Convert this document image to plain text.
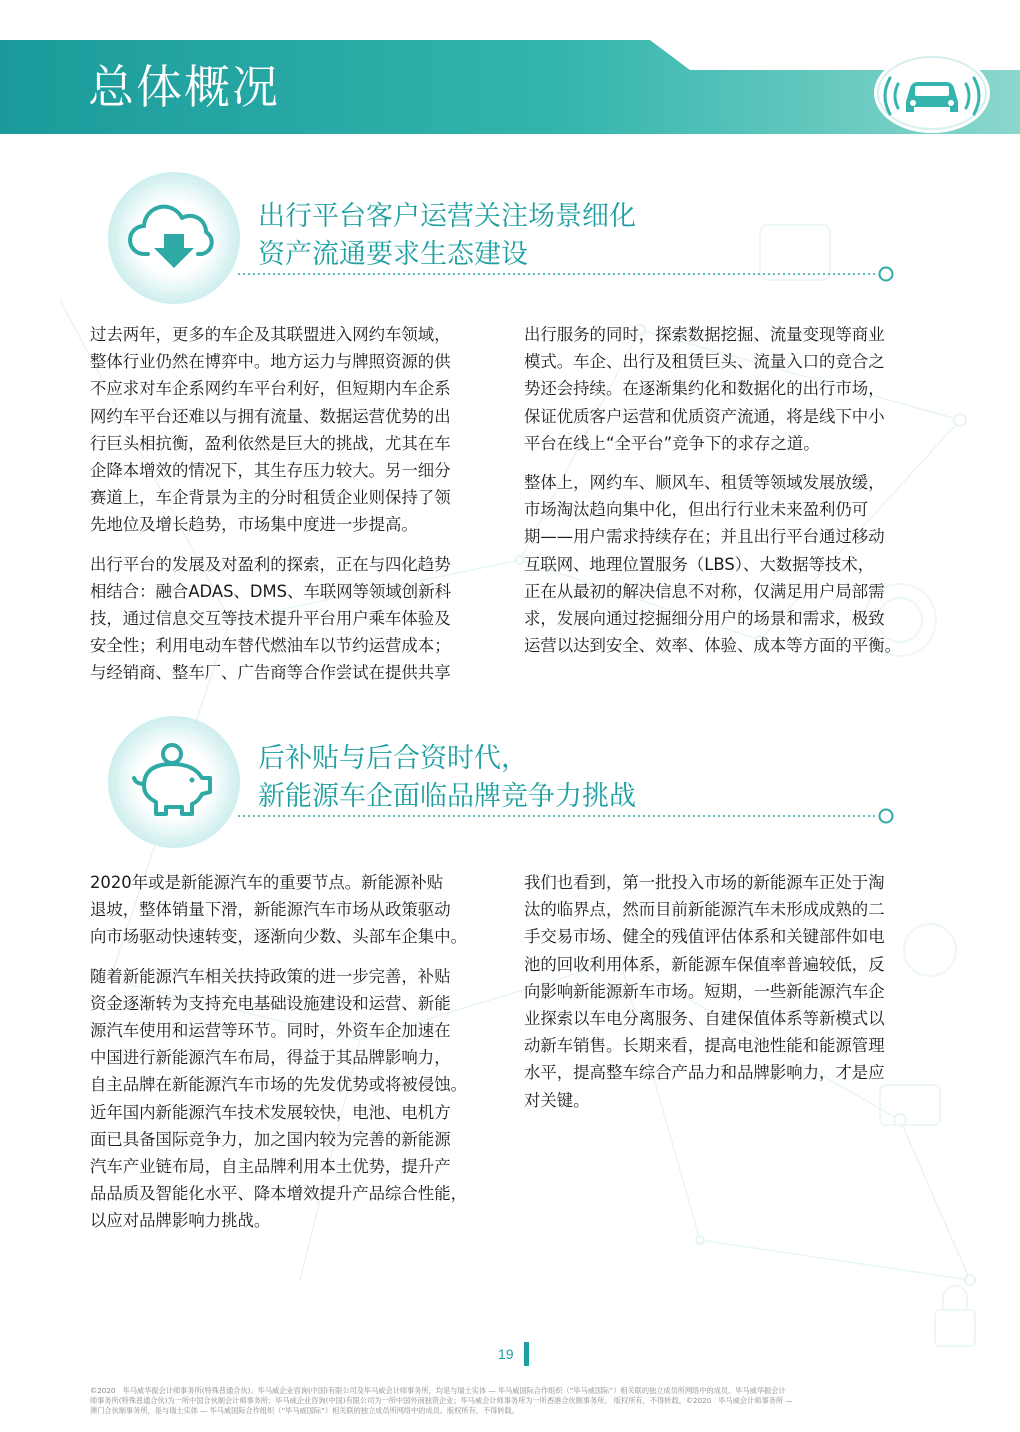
总体概况
出行平台客户运营关注场景细化
资产流通要求生态建设

过去两年，更多的车企及其联盟进入网约车领域，
整体行业仍然在博弈中。地方运力与牌照资源的供
不应求对车企系网约车平台利好，但短期内车企系
网约车平台还难以与拥有流量、数据运营优势的出
行巨头相抗衡，盈利依然是巨大的挑战，尤其在车
企降本增效的情况下，其生存压力较大。另一细分
赛道上，车企背景为主的分时租赁企业则保持了领
先地位及增长趋势，市场集中度进一步提高。

出行平台的发展及对盈利的探索，正在与四化趋势
相结合：融合ADAS、DMS、车联网等领域创新科
技，通过信息交互等技术提升平台用户乘车体验及
安全性；利用电动车替代燃油车以节约运营成本；
与经销商、整车厂、广告商等合作尝试在提供共享

出行服务的同时，探索数据挖掘、流量变现等商业
模式。车企、出行及租赁巨头、流量入口的竞合之
势还会持续。在逐渐集约化和数据化的出行市场，
保证优质客户运营和优质资产流通，将是线下中小
平台在线上“全平台”竞争下的求存之道。

整体上，网约车、顺风车、租赁等领域发展放缓，
市场淘汰趋向集中化，但出行行业未来盈利仍可
期——用户需求持续存在；并且出行平台通过移动
互联网、地理位置服务（LBS）、大数据等技术，
正在从最初的解决信息不对称，仅满足用户局部需
求，发展向通过挖掘细分用户的场景和需求，极致
运营以达到安全、效率、体验、成本等方面的平衡。

后补贴与后合资时代，
新能源车企面临品牌竞争力挑战

2020年或是新能源汽车的重要节点。新能源补贴
退坡，整体销量下滑，新能源汽车市场从政策驱动
向市场驱动快速转变，逐渐向少数、头部车企集中。

随着新能源汽车相关扶持政策的进一步完善，补贴
资金逐渐转为支持充电基础设施建设和运营、新能
源汽车使用和运营等环节。同时，外资车企加速在
中国进行新能源汽车布局，得益于其品牌影响力，
自主品牌在新能源汽车市场的先发优势或将被侵蚀。
近年国内新能源汽车技术发展较快，电池、电机方
面已具备国际竞争力，加之国内较为完善的新能源
汽车产业链布局，自主品牌利用本土优势，提升产
品品质及智能化水平、降本增效提升产品综合性能，
以应对品牌影响力挑战。

我们也看到，第一批投入市场的新能源车正处于淘
汰的临界点，然而目前新能源汽车未形成成熟的二
手交易市场、健全的残值评估体系和关键部件如电
池的回收利用体系，新能源车保值率普遍较低，反
向影响新能源新车市场。短期，一些新能源汽车企
业探索以车电分离服务、自建保值体系等新模式以
动新车销售。长期来看，提高电池性能和能源管理
水平，提高整车综合产品力和品牌影响力，才是应
对关键。

19
©2020　毕马威华振会计师事务所(特殊普通合伙)、毕马威企业咨询(中国)有限公司及毕马威会计师事务所，均是与瑞士实体 — 毕马威国际合作组织（“毕马威国际”）相关联的独立成员所网络中的成员。毕马威华振会计
师事务所(特殊普通合伙)为一所中国合伙制会计师事务所；毕马威企业咨询(中国)有限公司为一所中国外商独资企业；毕马威会计师事务所为一所香港合伙制事务所。 版权所有，不得转载。©2020　毕马威会计师事务所 —
澳门合伙制事务所，是与瑞士实体 — 毕马威国际合作组织（“毕马威国际”）相关联的独立成员所网络中的成员。版权所有，不得转载。
